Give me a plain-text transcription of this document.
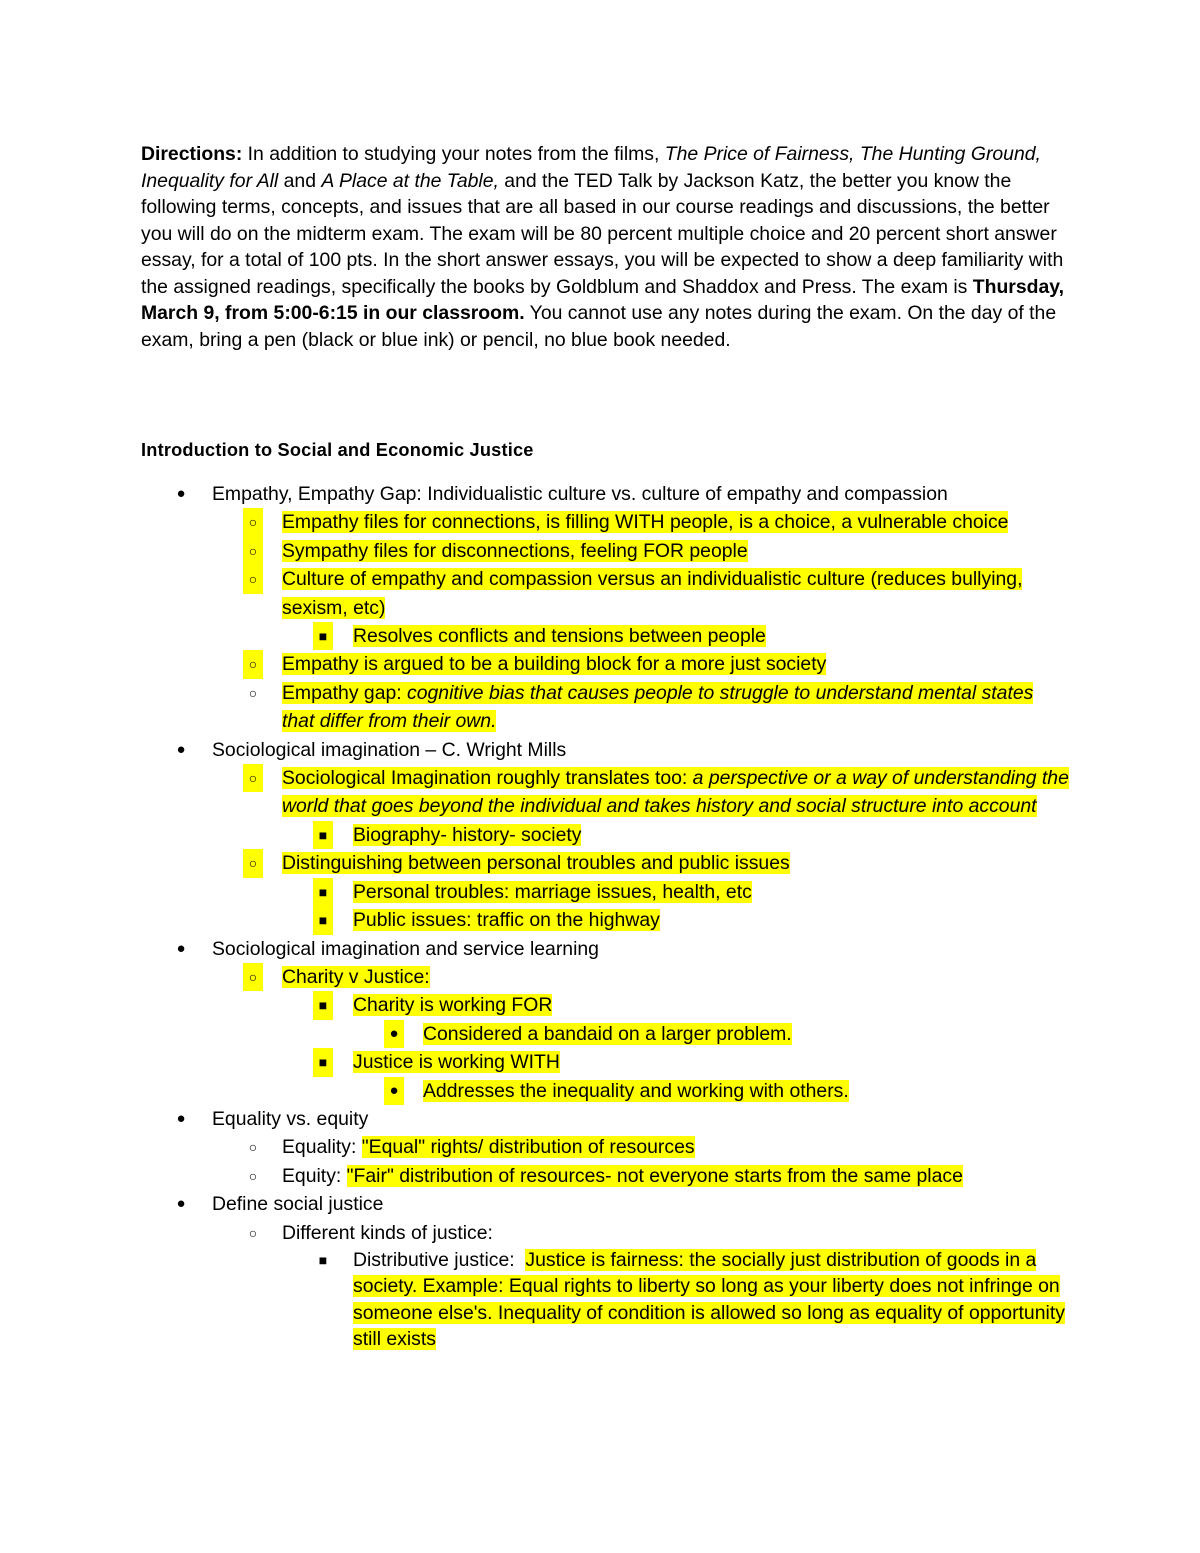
Directions: In addition to studying your notes from the films, The Price of Fairness, The Hunting Ground, Inequality for All and A Place at the Table, and the TED Talk by Jackson Katz, the better you know the following terms, concepts, and issues that are all based in our course readings and discussions, the better you will do on the midterm exam. The exam will be 80 percent multiple choice and 20 percent short answer essay, for a total of 100 pts. In the short answer essays, you will be expected to show a deep familiarity with the assigned readings, specifically the books by Goldblum and Shaddox and Press. The exam is Thursday, March 9, from 5:00-6:15 in our classroom. You cannot use any notes during the exam. On the day of the exam, bring a pen (black or blue ink) or pencil, no blue book needed.

Introduction to Social and Economic Justice

● Empathy, Empathy Gap: Individualistic culture vs. culture of empathy and compassion
○ Empathy files for connections, is filling WITH people, is a choice, a vulnerable choice
○ Sympathy files for disconnections, feeling FOR people
○ Culture of empathy and compassion versus an individualistic culture (reduces bullying, sexism, etc)
■ Resolves conflicts and tensions between people
○ Empathy is argued to be a building block for a more just society
○ Empathy gap: cognitive bias that causes people to struggle to understand mental states that differ from their own.
● Sociological imagination – C. Wright Mills
○ Sociological Imagination roughly translates too: a perspective or a way of understanding the world that goes beyond the individual and takes history and social structure into account
■ Biography- history- society
○ Distinguishing between personal troubles and public issues
■ Personal troubles: marriage issues, health, etc
■ Public issues: traffic on the highway
● Sociological imagination and service learning
○ Charity v Justice:
■ Charity is working FOR
● Considered a bandaid on a larger problem.
■ Justice is working WITH
● Addresses the inequality and working with others.
● Equality vs. equity
○ Equality: "Equal" rights/ distribution of resources
○ Equity: "Fair" distribution of resources- not everyone starts from the same place
● Define social justice
○ Different kinds of justice:
■ Distributive justice:  Justice is fairness: the socially just distribution of goods in a society. Example: Equal rights to liberty so long as your liberty does not infringe on someone else's. Inequality of condition is allowed so long as equality of opportunity still exists
